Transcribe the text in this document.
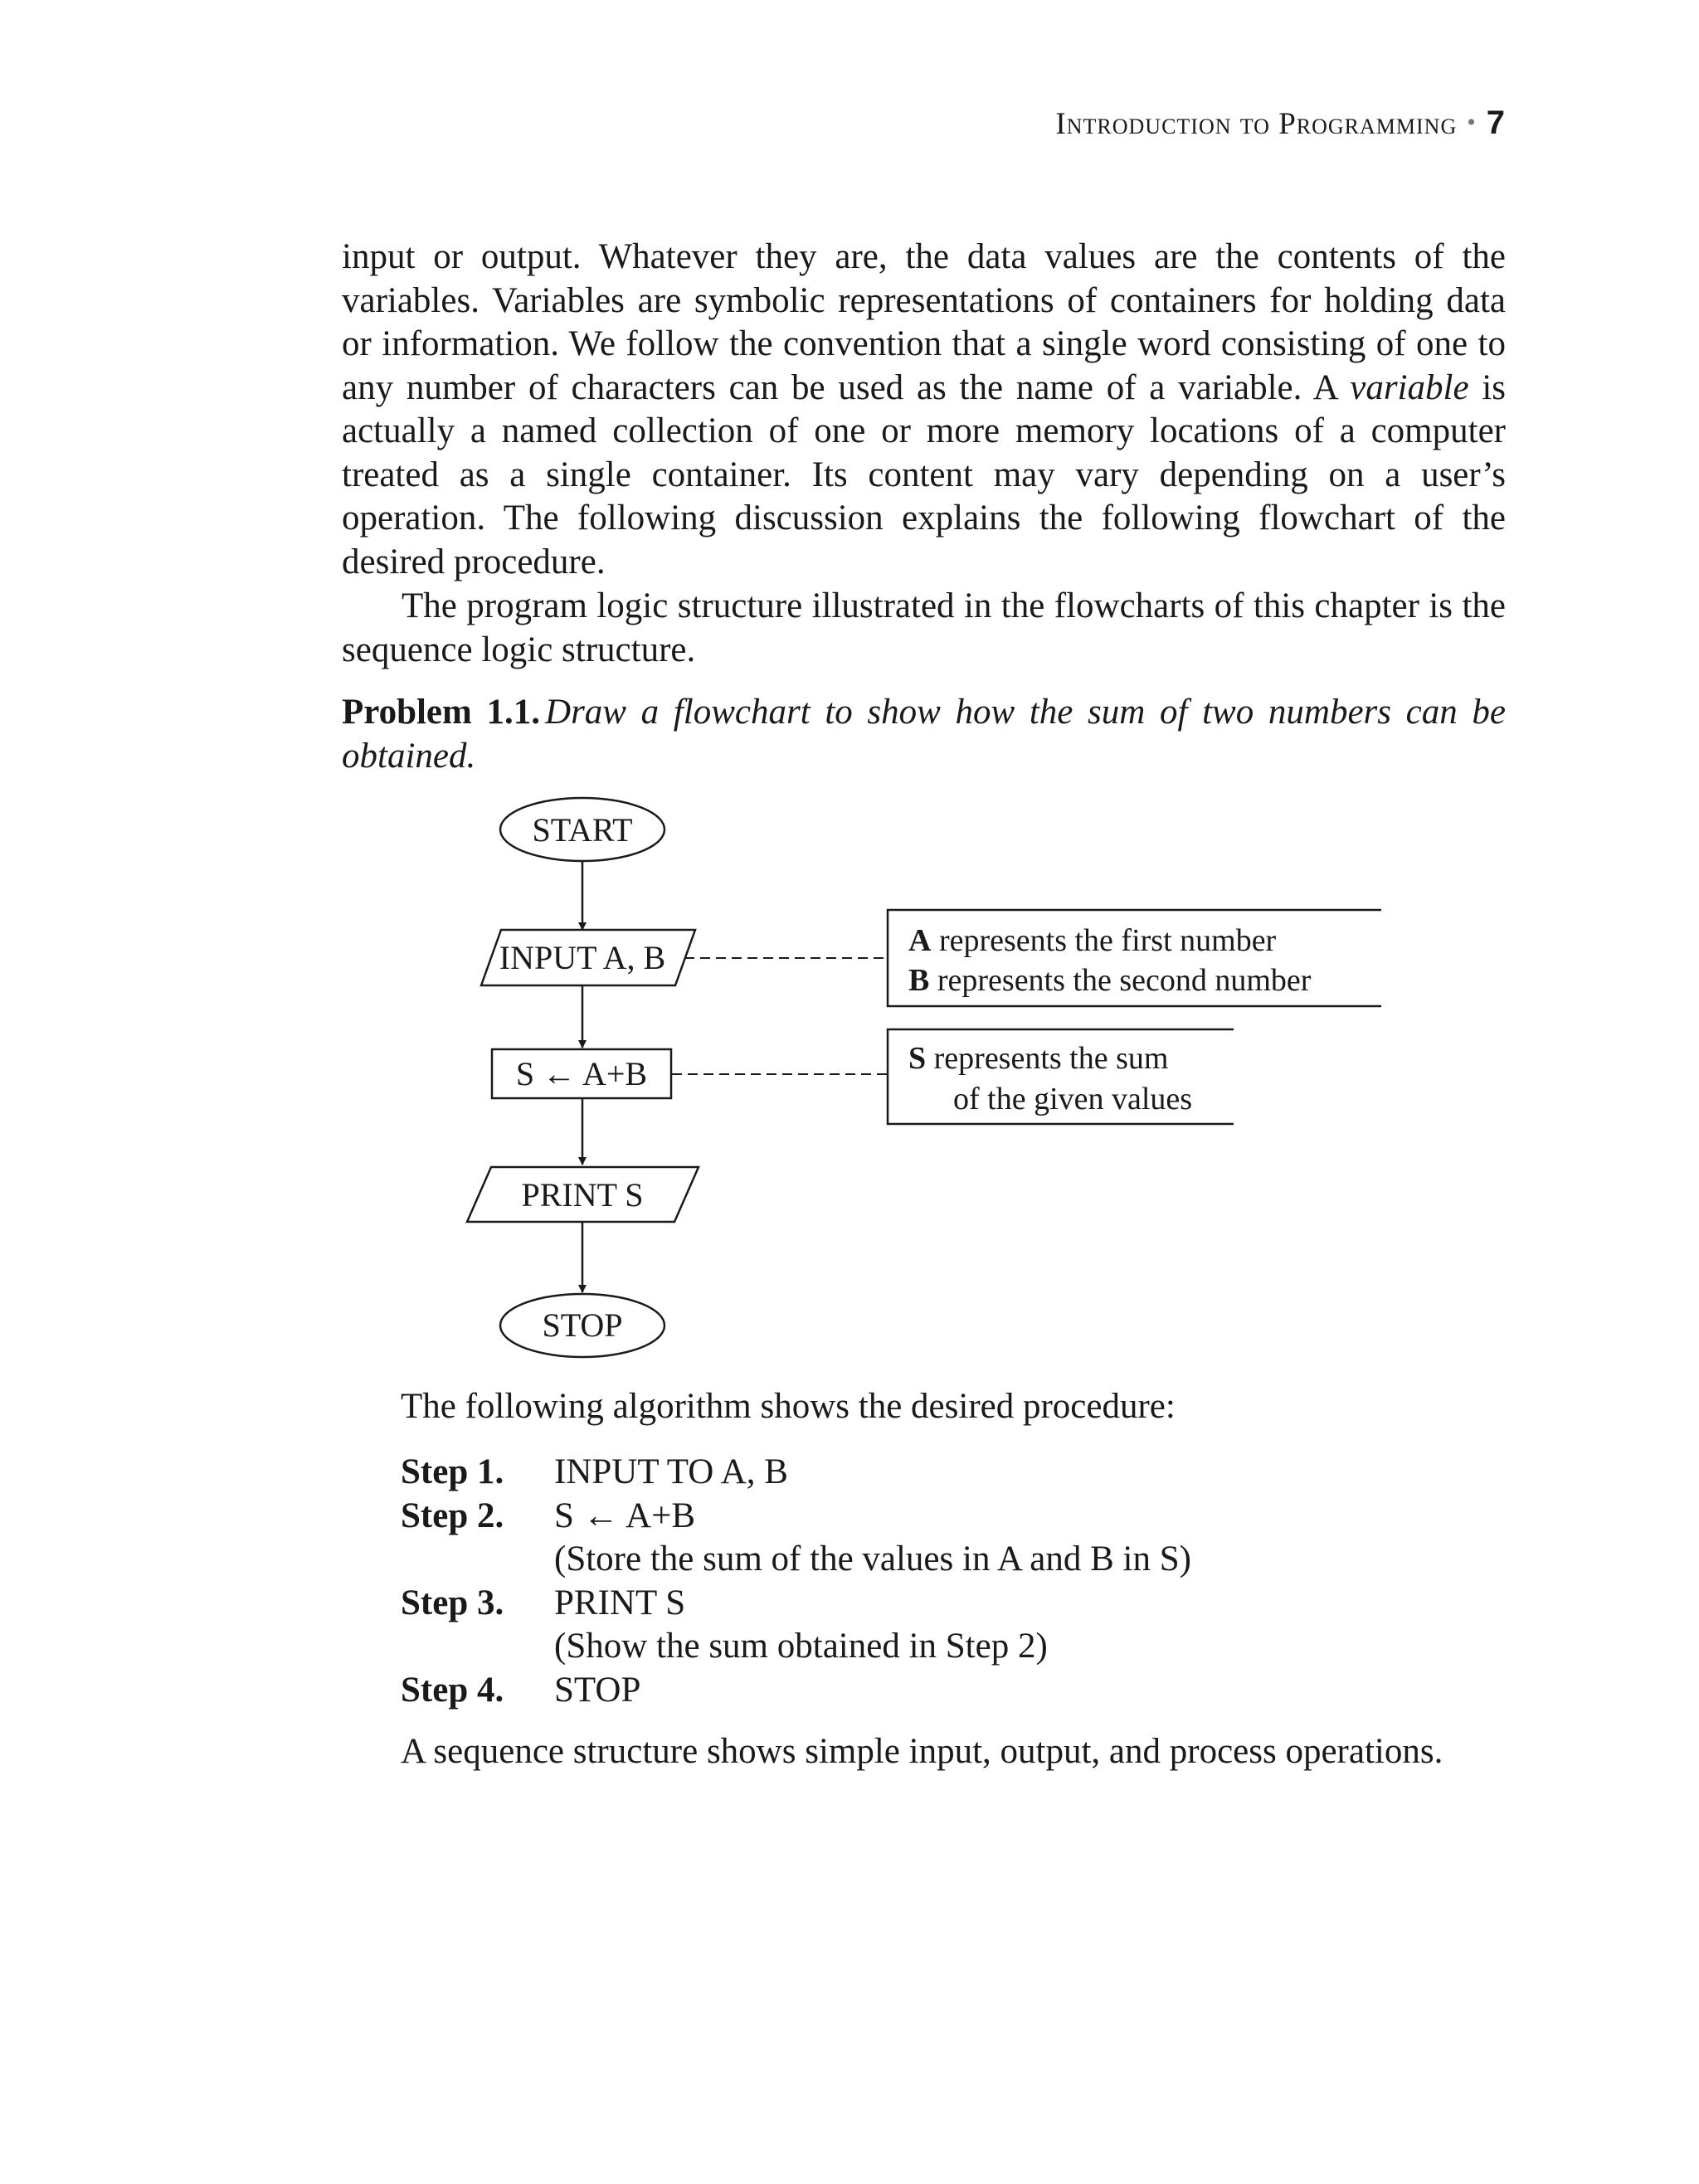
Introduction to Programming • 7

input or output. Whatever they are, the data values are the contents of the variables. Variables are symbolic representations of containers for holding data or information. We follow the convention that a single word consisting of one to any number of characters can be used as the name of a variable. A variable is actually a named collection of one or more memory locations of a computer treated as a single container. Its content may vary depending on a user’s operation. The following discussion explains the following flowchart of the desired procedure.

The program logic structure illustrated in the flowcharts of this chapter is the sequence logic structure.

Problem 1.1. Draw a flowchart to show how the sum of two numbers can be obtained.

START
INPUT A, B
S ← A+B
PRINT S
STOP
A represents the first number
B represents the second number
S represents the sum
of the given values

The following algorithm shows the desired procedure:

Step 1.	INPUT TO A, B
Step 2.	S ← A+B
(Store the sum of the values in A and B in S)
Step 3.	PRINT S
(Show the sum obtained in Step 2)
Step 4.	STOP

A sequence structure shows simple input, output, and process operations.
